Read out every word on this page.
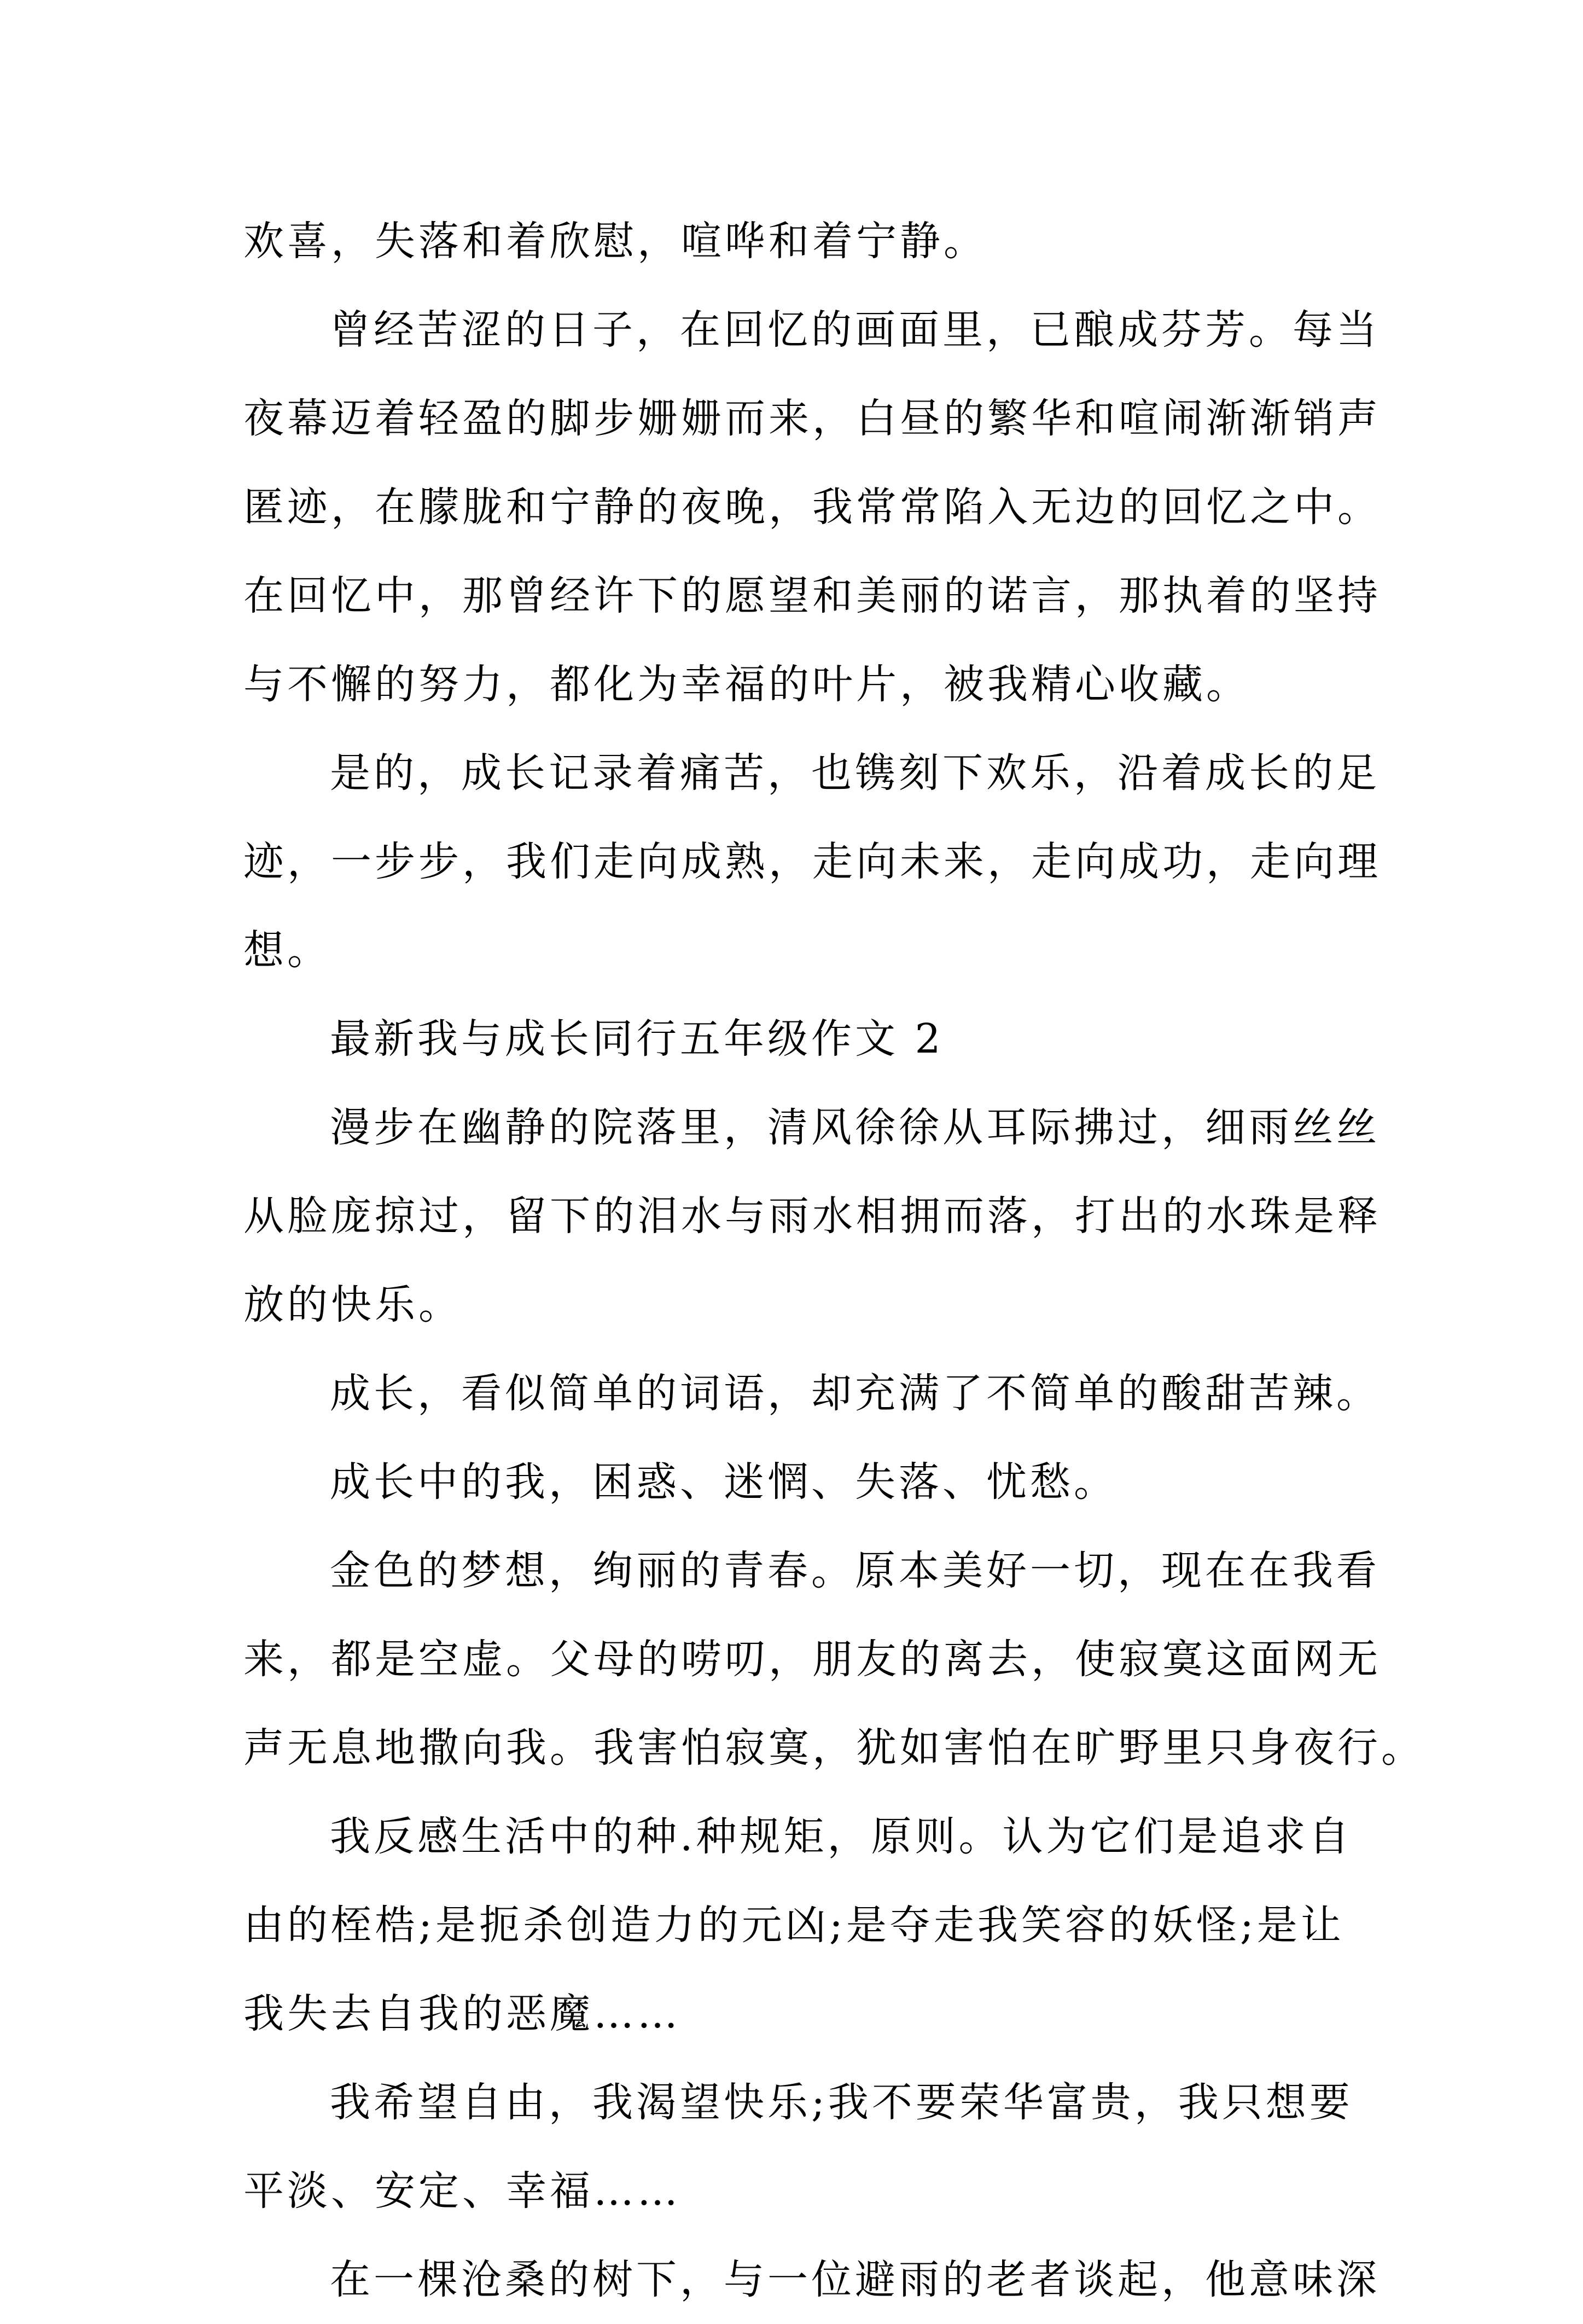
欢喜，失落和着欣慰，喧哗和着宁静。
曾经苦涩的日子，在回忆的画面里，已酿成芬芳。每当
夜幕迈着轻盈的脚步姗姗而来，白昼的繁华和喧闹渐渐销声
匿迹，在朦胧和宁静的夜晚，我常常陷入无边的回忆之中。
在回忆中，那曾经许下的愿望和美丽的诺言，那执着的坚持
与不懈的努力，都化为幸福的叶片，被我精心收藏。
是的，成长记录着痛苦，也镌刻下欢乐，沿着成长的足
迹，一步步，我们走向成熟，走向未来，走向成功，走向理
想。
最新我与成长同行五年级作文 2
漫步在幽静的院落里，清风徐徐从耳际拂过，细雨丝丝
从脸庞掠过，留下的泪水与雨水相拥而落，打出的水珠是释
放的快乐。
成长，看似简单的词语，却充满了不简单的酸甜苦辣。
成长中的我，困惑、迷惘、失落、忧愁。
金色的梦想，绚丽的青春。原本美好一切，现在在我看
来，都是空虚。父母的唠叨，朋友的离去，使寂寞这面网无
声无息地撒向我。我害怕寂寞，犹如害怕在旷野里只身夜行。
我反感生活中的种.种规矩，原则。认为它们是追求自
由的桎梏;是扼杀创造力的元凶;是夺走我笑容的妖怪;是让
我失去自我的恶魔……
我希望自由，我渴望快乐;我不要荣华富贵，我只想要
平淡、安定、幸福……
在一棵沧桑的树下，与一位避雨的老者谈起，他意味深
